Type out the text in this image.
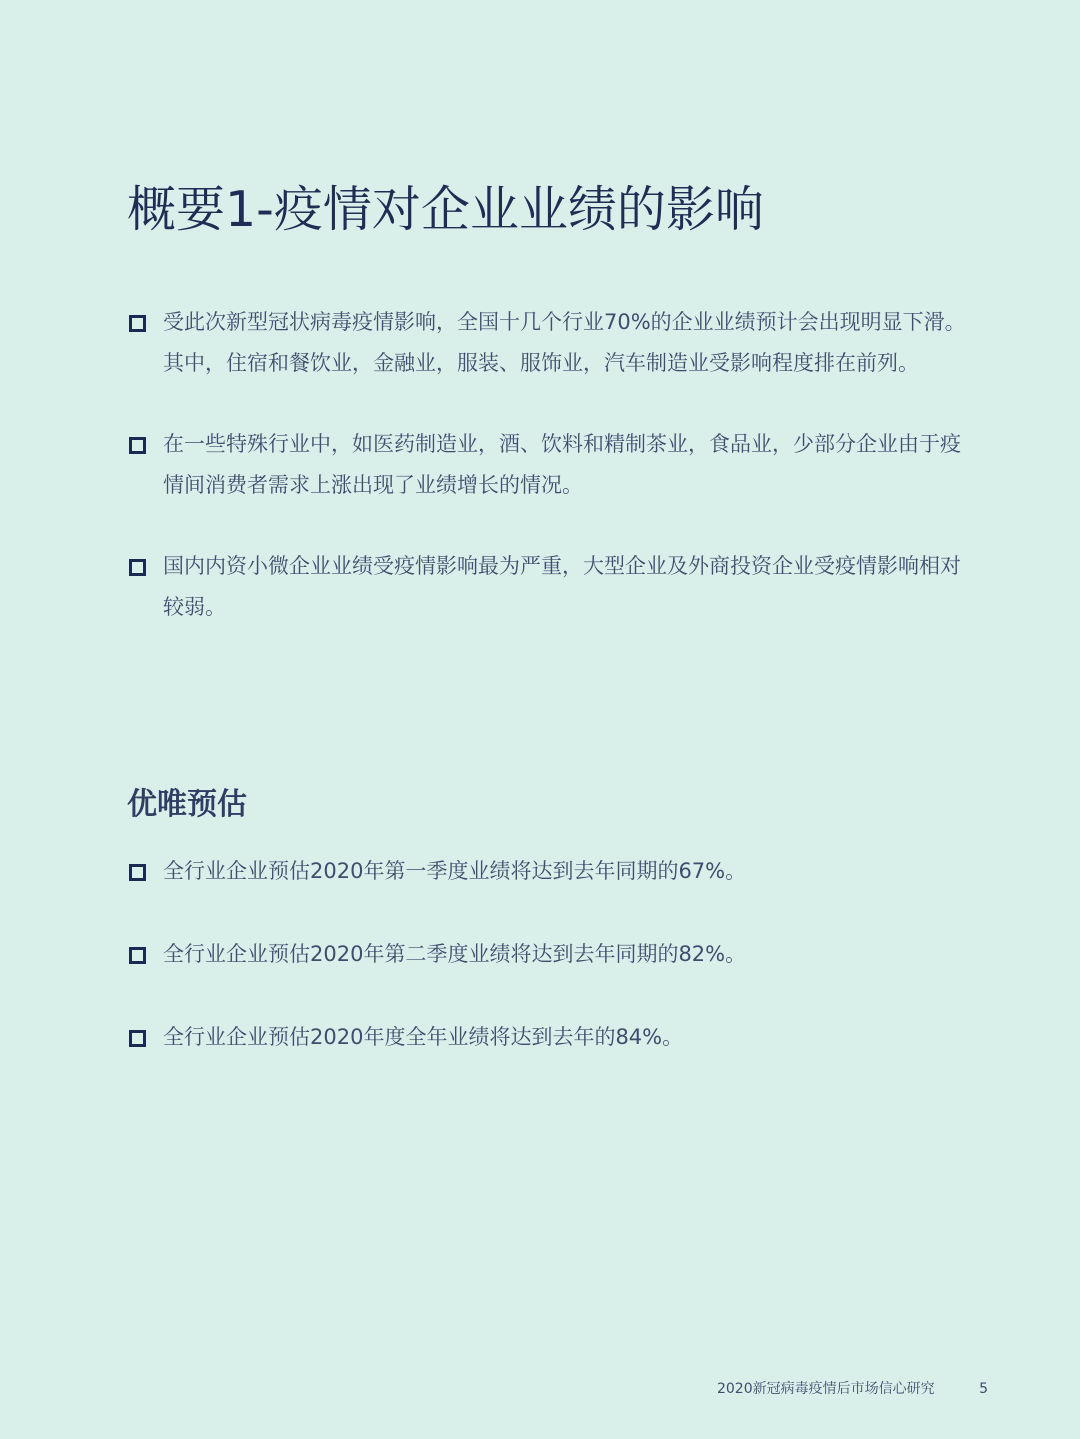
概要1-疫情对企业业绩的影响
受此次新型冠状病毒疫情影响，全国十几个行业70%的企业业绩预计会出现明显下滑。其中，住宿和餐饮业，金融业，服装、服饰业，汽车制造业受影响程度排在前列。
在一些特殊行业中，如医药制造业，酒、饮料和精制茶业，食品业，少部分企业由于疫情间消费者需求上涨出现了业绩增长的情况。
国内内资小微企业业绩受疫情影响最为严重，大型企业及外商投资企业受疫情影响相对较弱。
优唯预估
全行业企业预估2020年第一季度业绩将达到去年同期的67%。
全行业企业预估2020年第二季度业绩将达到去年同期的82%。
全行业企业预估2020年度全年业绩将达到去年的84%。
2020新冠病毒疫情后市场信心研究	5
